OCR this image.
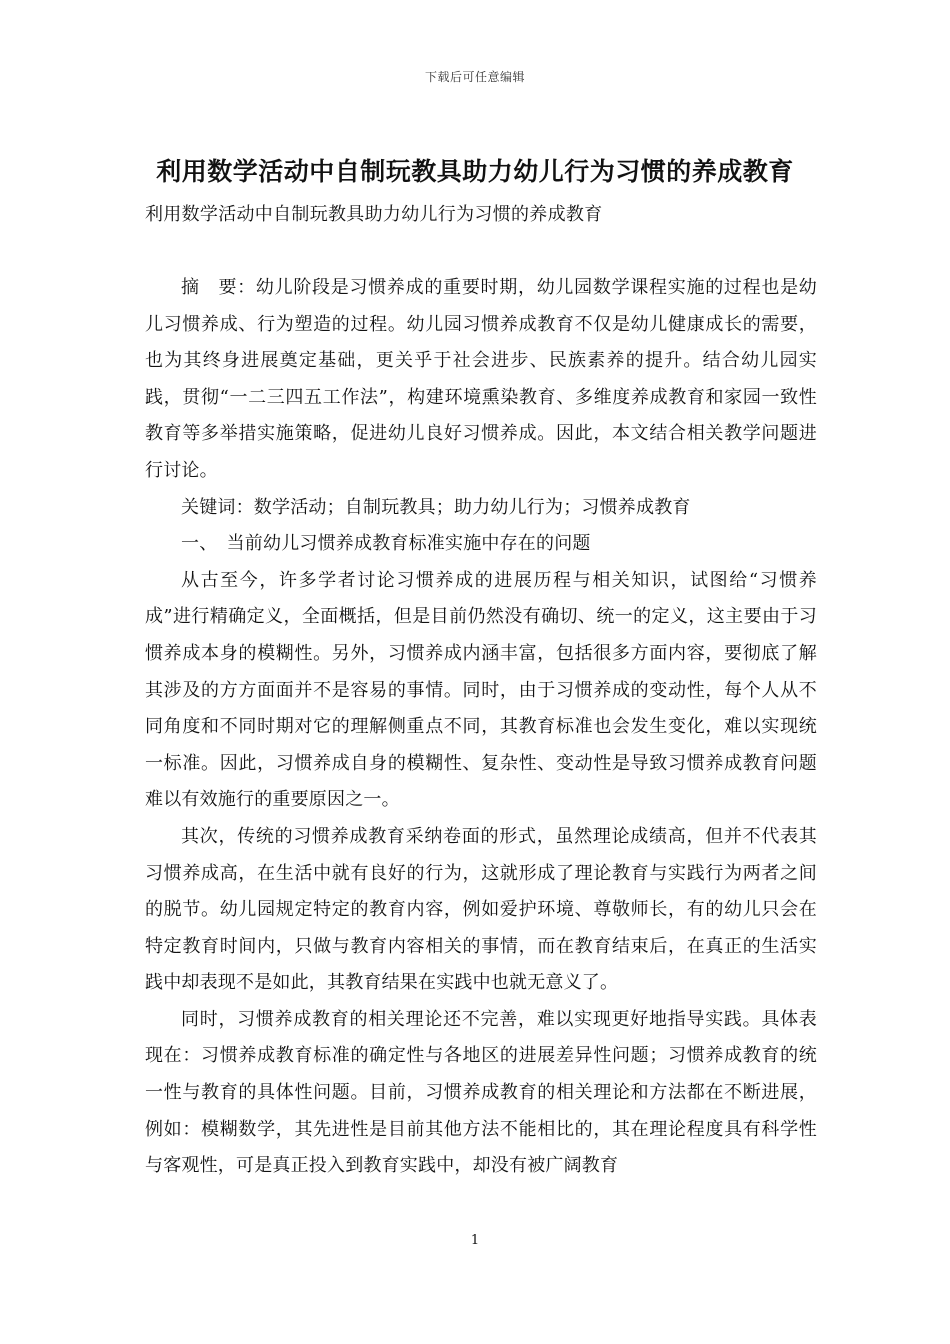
下载后可任意编辑
利用数学活动中自制玩教具助力幼儿行为习惯的养成教育
利用数学活动中自制玩教具助力幼儿行为习惯的养成教育

摘　要：幼儿阶段是习惯养成的重要时期，幼儿园数学课程实施的过程也是幼儿习惯养成、行为塑造的过程。幼儿园习惯养成教育不仅是幼儿健康成长的需要，也为其终身进展奠定基础，更关乎于社会进步、民族素养的提升。结合幼儿园实践，贯彻“一二三四五工作法”，构建环境熏染教育、多维度养成教育和家园一致性教育等多举措实施策略，促进幼儿良好习惯养成。因此，本文结合相关教学问题进行讨论。

关键词：数学活动；自制玩教具；助力幼儿行为；习惯养成教育

一、　当前幼儿习惯养成教育标准实施中存在的问题

从古至今，许多学者讨论习惯养成的进展历程与相关知识，试图给“习惯养成”进行精确定义，全面概括，但是目前仍然没有确切、统一的定义，这主要由于习惯养成本身的模糊性。另外，习惯养成内涵丰富，包括很多方面内容，要彻底了解其涉及的方方面面并不是容易的事情。同时，由于习惯养成的变动性，每个人从不同角度和不同时期对它的理解侧重点不同，其教育标准也会发生变化，难以实现统一标准。因此，习惯养成自身的模糊性、复杂性、变动性是导致习惯养成教育问题难以有效施行的重要原因之一。

其次，传统的习惯养成教育采纳卷面的形式，虽然理论成绩高，但并不代表其习惯养成高，在生活中就有良好的行为，这就形成了理论教育与实践行为两者之间的脱节。幼儿园规定特定的教育内容，例如爱护环境、尊敬师长，有的幼儿只会在特定教育时间内，只做与教育内容相关的事情，而在教育结束后，在真正的生活实践中却表现不是如此，其教育结果在实践中也就无意义了。

同时，习惯养成教育的相关理论还不完善，难以实现更好地指导实践。具体表现在：习惯养成教育标准的确定性与各地区的进展差异性问题；习惯养成教育的统一性与教育的具体性问题。目前，习惯养成教育的相关理论和方法都在不断进展，例如：模糊数学，其先进性是目前其他方法不能相比的，其在理论程度具有科学性与客观性，可是真正投入到教育实践中，却没有被广阔教育

1
